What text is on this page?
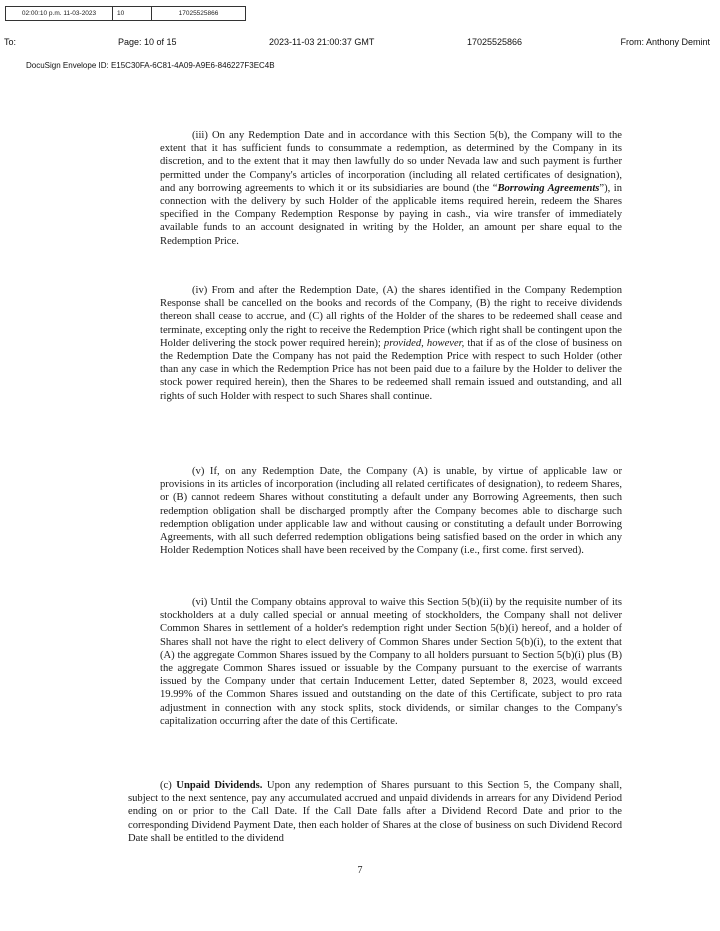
02:00:10 p.m. 11-03-2023	10	17025525866
To:	Page: 10 of 15	2023-11-03 21:00:37 GMT	17025525866	From: Anthony Demint
DocuSign Envelope ID: E15C30FA-6C81-4A09-A9E6-846227F3EC4B

(iii) On any Redemption Date and in accordance with this Section 5(b), the Company will to the extent that it has sufficient funds to consummate a redemption, as determined by the Company in its discretion, and to the extent that it may then lawfully do so under Nevada law and such payment is further permitted under the Company's articles of incorporation (including all related certificates of designation), and any borrowing agreements to which it or its subsidiaries are bound (the “Borrowing Agreements”), in connection with the delivery by such Holder of the applicable items required herein, redeem the Shares specified in the Company Redemption Response by paying in cash., via wire transfer of immediately available funds to an account designated in writing by the Holder, an amount per share equal to the Redemption Price.

(iv) From and after the Redemption Date, (A) the shares identified in the Company Redemption Response shall be cancelled on the books and records of the Company, (B) the right to receive dividends thereon shall cease to accrue, and (C) all rights of the Holder of the shares to be redeemed shall cease and terminate, excepting only the right to receive the Redemption Price (which right shall be contingent upon the Holder delivering the stock power required herein); provided, however, that if as of the close of business on the Redemption Date the Company has not paid the Redemption Price with respect to such Holder (other than any case in which the Redemption Price has not been paid due to a failure by the Holder to deliver the stock power required herein), then the Shares to be redeemed shall remain issued and outstanding, and all rights of such Holder with respect to such Shares shall continue.

(v) If, on any Redemption Date, the Company (A) is unable, by virtue of applicable law or provisions in its articles of incorporation (including all related certificates of designation), to redeem Shares, or (B) cannot redeem Shares without constituting a default under any Borrowing Agreements, then such redemption obligation shall be discharged promptly after the Company becomes able to discharge such redemption obligation under applicable law and without causing or constituting a default under Borrowing Agreements, with all such deferred redemption obligations being satisfied based on the order in which any Holder Redemption Notices shall have been received by the Company (i.e., first come. first served).

(vi) Until the Company obtains approval to waive this Section 5(b)(ii) by the requisite number of its stockholders at a duly called special or annual meeting of stockholders, the Company shall not deliver Common Shares in settlement of a holder's redemption right under Section 5(b)(i) hereof, and a holder of Shares shall not have the right to elect delivery of Common Shares under Section 5(b)(i), to the extent that (A) the aggregate Common Shares issued by the Company to all holders pursuant to Section 5(b)(i) plus (B) the aggregate Common Shares issued or issuable by the Company pursuant to the exercise of warrants issued by the Company under that certain Inducement Letter, dated September 8, 2023, would exceed 19.99% of the Common Shares issued and outstanding on the date of this Certificate, subject to pro rata adjustment in connection with any stock splits, stock dividends, or similar changes to the Company's capitalization occurring after the date of this Certificate.

(c) Unpaid Dividends. Upon any redemption of Shares pursuant to this Section 5, the Company shall, subject to the next sentence, pay any accumulated accrued and unpaid dividends in arrears for any Dividend Period ending on or prior to the Call Date. If the Call Date falls after a Dividend Record Date and prior to the corresponding Dividend Payment Date, then each holder of Shares at the close of business on such Dividend Record Date shall be entitled to the dividend

7
